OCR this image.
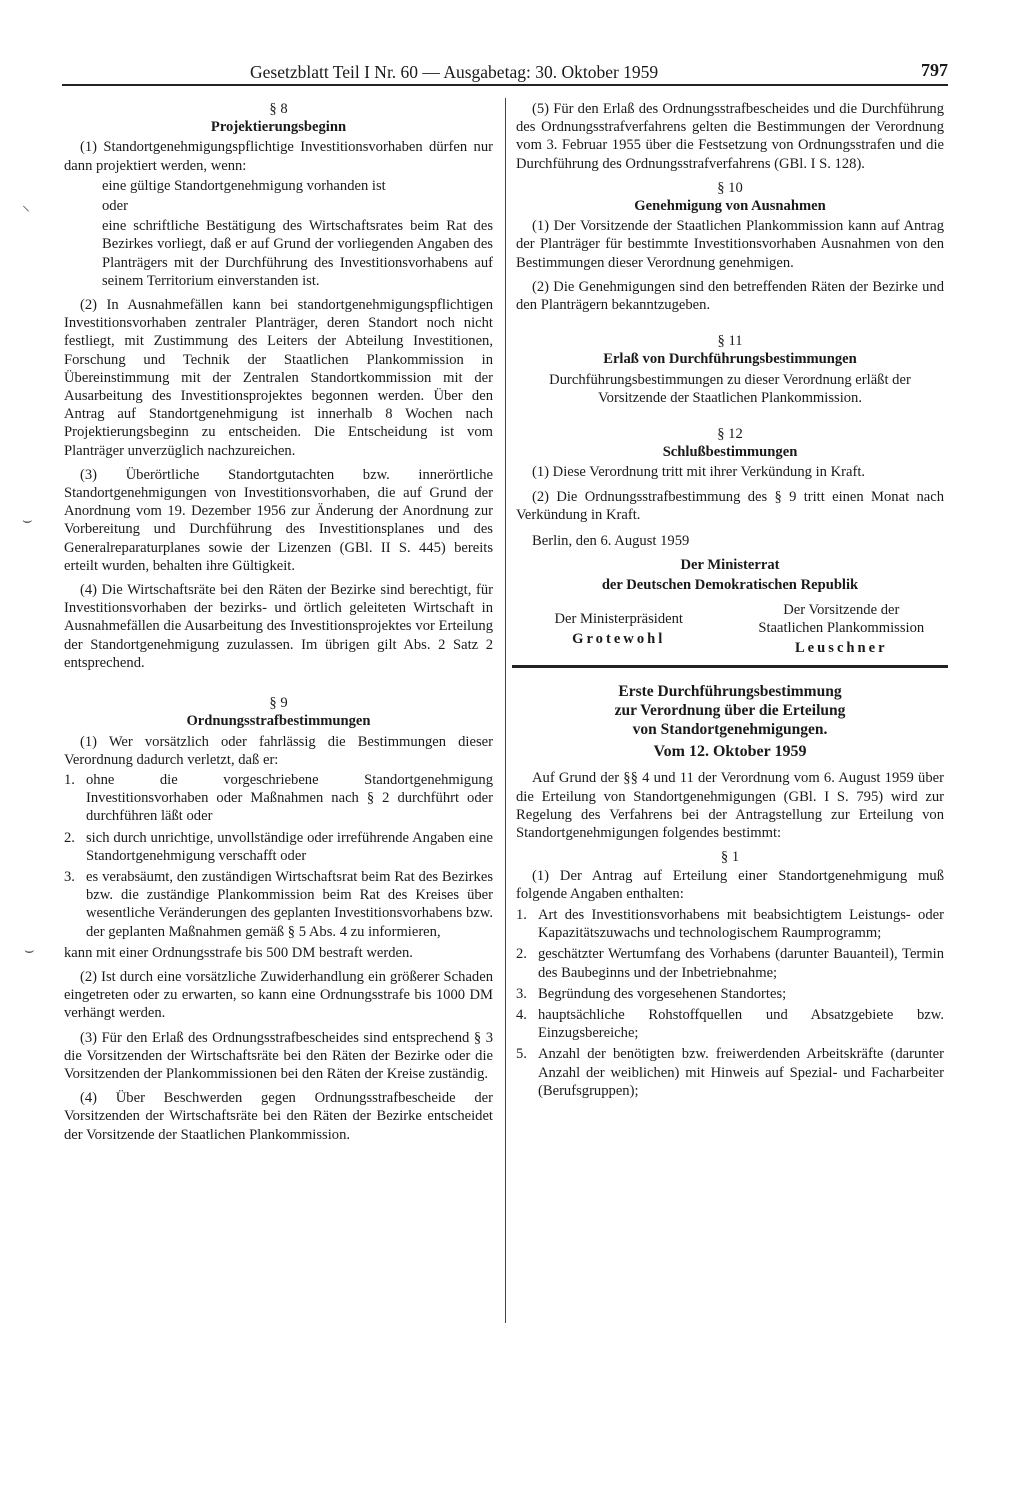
Gesetzblatt Teil I Nr. 60 — Ausgabetag: 30. Oktober 1959	797
⸌
⌣
⌣

§ 8

Projektierungsbeginn

(1) Standortgenehmigungspflichtige Investitionsvorhaben dürfen nur dann projektiert werden, wenn:

eine gültige Standortgenehmigung vorhanden ist

oder

eine schriftliche Bestätigung des Wirtschaftsrates beim Rat des Bezirkes vorliegt, daß er auf Grund der vorliegenden Angaben des Planträgers mit der Durchführung des Investitionsvorhabens auf seinem Territorium einverstanden ist.

(2) In Ausnahmefällen kann bei standortgenehmigungspflichtigen Investitionsvorhaben zentraler Planträger, deren Standort noch nicht festliegt, mit Zustimmung des Leiters der Abteilung Investitionen, Forschung und Technik der Staatlichen Plankommission in Übereinstimmung mit der Zentralen Standortkommission mit der Ausarbeitung des Investitionsprojektes begonnen werden. Über den Antrag auf Standortgenehmigung ist innerhalb 8 Wochen nach Projektierungsbeginn zu entscheiden. Die Entscheidung ist vom Planträger unverzüglich nachzureichen.

(3) Überörtliche Standortgutachten bzw. innerörtliche Standortgenehmigungen von Investitionsvorhaben, die auf Grund der Anordnung vom 19. Dezember 1956 zur Änderung der Anordnung zur Vorbereitung und Durchführung des Investitionsplanes und des Generalreparaturplanes sowie der Lizenzen (GBl. II S. 445) bereits erteilt wurden, behalten ihre Gültigkeit.

(4) Die Wirtschaftsräte bei den Räten der Bezirke sind berechtigt, für Investitionsvorhaben der bezirks- und örtlich geleiteten Wirtschaft in Ausnahmefällen die Ausarbeitung des Investitionsprojektes vor Erteilung der Standortgenehmigung zuzulassen. Im übrigen gilt Abs. 2 Satz 2 entsprechend.

§ 9

Ordnungsstrafbestimmungen

(1) Wer vorsätzlich oder fahrlässig die Bestimmungen dieser Verordnung dadurch verletzt, daß er:

1. ohne die vorgeschriebene Standortgenehmigung Investitionsvorhaben oder Maßnahmen nach § 2 durchführt oder durchführen läßt oder
2. sich durch unrichtige, unvollständige oder irreführende Angaben eine Standortgenehmigung verschafft oder
3. es verabsäumt, den zuständigen Wirtschaftsrat beim Rat des Bezirkes bzw. die zuständige Plankommission beim Rat des Kreises über wesentliche Veränderungen des geplanten Investitionsvorhabens bzw. der geplanten Maßnahmen gemäß § 5 Abs. 4 zu informieren,

kann mit einer Ordnungsstrafe bis 500 DM bestraft werden.

(2) Ist durch eine vorsätzliche Zuwiderhandlung ein größerer Schaden eingetreten oder zu erwarten, so kann eine Ordnungsstrafe bis 1000 DM verhängt werden.

(3) Für den Erlaß des Ordnungsstrafbescheides sind entsprechend § 3 die Vorsitzenden der Wirtschaftsräte bei den Räten der Bezirke oder die Vorsitzenden der Plankommissionen bei den Räten der Kreise zuständig.

(4) Über Beschwerden gegen Ordnungsstrafbescheide der Vorsitzenden der Wirtschaftsräte bei den Räten der Bezirke entscheidet der Vorsitzende der Staatlichen Plankommission.

(5) Für den Erlaß des Ordnungsstrafbescheides und die Durchführung des Ordnungsstrafverfahrens gelten die Bestimmungen der Verordnung vom 3. Februar 1955 über die Festsetzung von Ordnungsstrafen und die Durchführung des Ordnungsstrafverfahrens (GBl. I S. 128).

§ 10

Genehmigung von Ausnahmen

(1) Der Vorsitzende der Staatlichen Plankommission kann auf Antrag der Planträger für bestimmte Investitionsvorhaben Ausnahmen von den Bestimmungen dieser Verordnung genehmigen.

(2) Die Genehmigungen sind den betreffenden Räten der Bezirke und den Planträgern bekanntzugeben.

§ 11

Erlaß von Durchführungsbestimmungen

Durchführungsbestimmungen zu dieser Verordnung erläßt der Vorsitzende der Staatlichen Plankommission.

§ 12

Schlußbestimmungen

(1) Diese Verordnung tritt mit ihrer Verkündung in Kraft.

(2) Die Ordnungsstrafbestimmung des § 9 tritt einen Monat nach Verkündung in Kraft.

Berlin, den 6. August 1959

Der Ministerrat

der Deutschen Demokratischen Republik

Der Ministerpräsident
Grotewohl
Der Vorsitzende der
Staatlichen Plankommission
Leuschner

Erste Durchführungsbestimmung

zur Verordnung über die Erteilung

von Standortgenehmigungen.

Vom 12. Oktober 1959

Auf Grund der §§ 4 und 11 der Verordnung vom 6. August 1959 über die Erteilung von Standortgenehmigungen (GBl. I S. 795) wird zur Regelung des Verfahrens bei der Antragstellung zur Erteilung von Standortgenehmigungen folgendes bestimmt:

§ 1

(1) Der Antrag auf Erteilung einer Standortgenehmigung muß folgende Angaben enthalten:

1. Art des Investitionsvorhabens mit beabsichtigtem Leistungs- oder Kapazitätszuwachs und technologischem Raumprogramm;
2. geschätzter Wertumfang des Vorhabens (darunter Bauanteil), Termin des Baubeginns und der Inbetriebnahme;
3. Begründung des vorgesehenen Standortes;
4. hauptsächliche Rohstoffquellen und Absatzgebiete bzw. Einzugsbereiche;
5. Anzahl der benötigten bzw. freiwerdenden Arbeitskräfte (darunter Anzahl der weiblichen) mit Hinweis auf Spezial- und Facharbeiter (Berufsgruppen);
